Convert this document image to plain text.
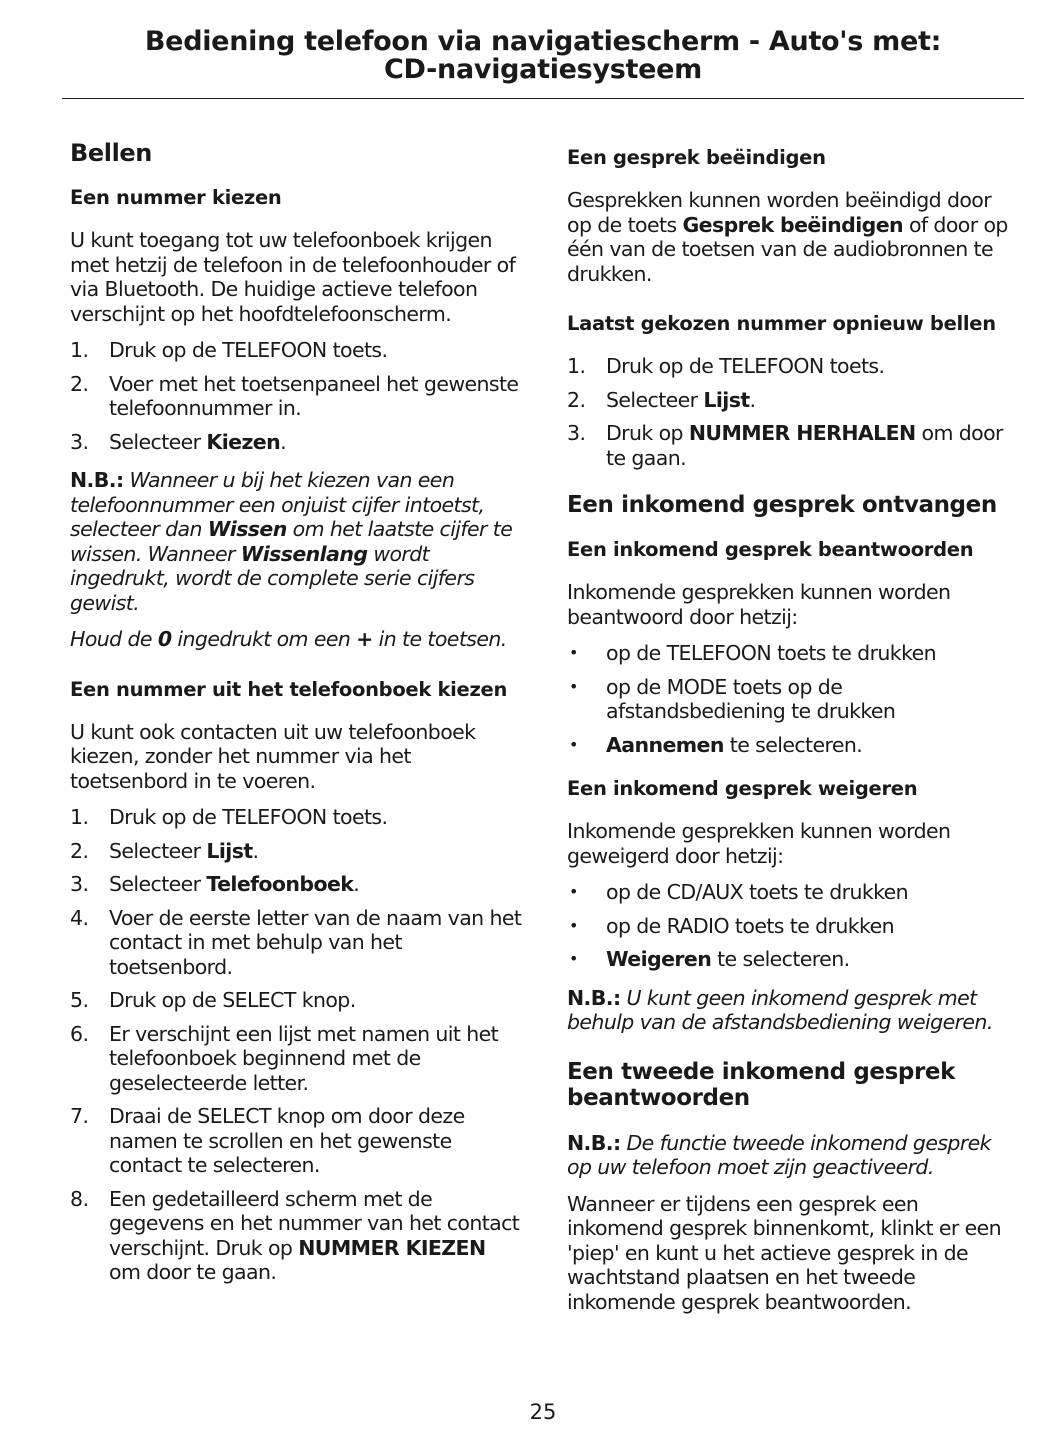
Bediening telefoon via navigatiescherm - Auto's met:
CD-navigatiesysteem
Bellen
Een nummer kiezen

U kunt toegang tot uw telefoonboek krijgen met hetzij de telefoon in de telefoonhouder of via Bluetooth. De huidige actieve telefoon verschijnt op het hoofdtelefoonscherm.

1. Druk op de TELEFOON toets.
2. Voer met het toetsenpaneel het gewenste telefoonnummer in.
3. Selecteer Kiezen.

N.B.: Wanneer u bij het kiezen van een telefoonnummer een onjuist cijfer intoetst, selecteer dan Wissen om het laatste cijfer te wissen. Wanneer Wissenlang wordt ingedrukt, wordt de complete serie cijfers gewist.

Houd de 0 ingedrukt om een + in te toetsen.

Een nummer uit het telefoonboek kiezen

U kunt ook contacten uit uw telefoonboek kiezen, zonder het nummer via het toetsenbord in te voeren.

1. Druk op de TELEFOON toets.
2. Selecteer Lijst.
3. Selecteer Telefoonboek.
4. Voer de eerste letter van de naam van het contact in met behulp van het toetsenbord.
5. Druk op de SELECT knop.
6. Er verschijnt een lijst met namen uit het telefoonboek beginnend met de geselecteerde letter.
7. Draai de SELECT knop om door deze namen te scrollen en het gewenste contact te selecteren.
8. Een gedetailleerd scherm met de gegevens en het nummer van het contact verschijnt. Druk op NUMMER KIEZEN om door te gaan.
Een gesprek beëindigen

Gesprekken kunnen worden beëindigd door op de toets Gesprek beëindigen of door op één van de toetsen van de audiobronnen te drukken.

Laatst gekozen nummer opnieuw bellen
1. Druk op de TELEFOON toets.
2. Selecteer Lijst.
3. Druk op NUMMER HERHALEN om door te gaan.
Een inkomend gesprek ontvangen
Een inkomend gesprek beantwoorden

Inkomende gesprekken kunnen worden beantwoord door hetzij:

• op de TELEFOON toets te drukken
• op de MODE toets op de afstandsbediening te drukken
• Aannemen te selecteren.
Een inkomend gesprek weigeren

Inkomende gesprekken kunnen worden geweigerd door hetzij:

• op de CD/AUX toets te drukken
• op de RADIO toets te drukken
• Weigeren te selecteren.

N.B.: U kunt geen inkomend gesprek met behulp van de afstandsbediening weigeren.

Een tweede inkomend gesprek beantwoorden

N.B.: De functie tweede inkomend gesprek op uw telefoon moet zijn geactiveerd.

Wanneer er tijdens een gesprek een inkomend gesprek binnenkomt, klinkt er een 'piep' en kunt u het actieve gesprek in de wachtstand plaatsen en het tweede inkomende gesprek beantwoorden.

25
